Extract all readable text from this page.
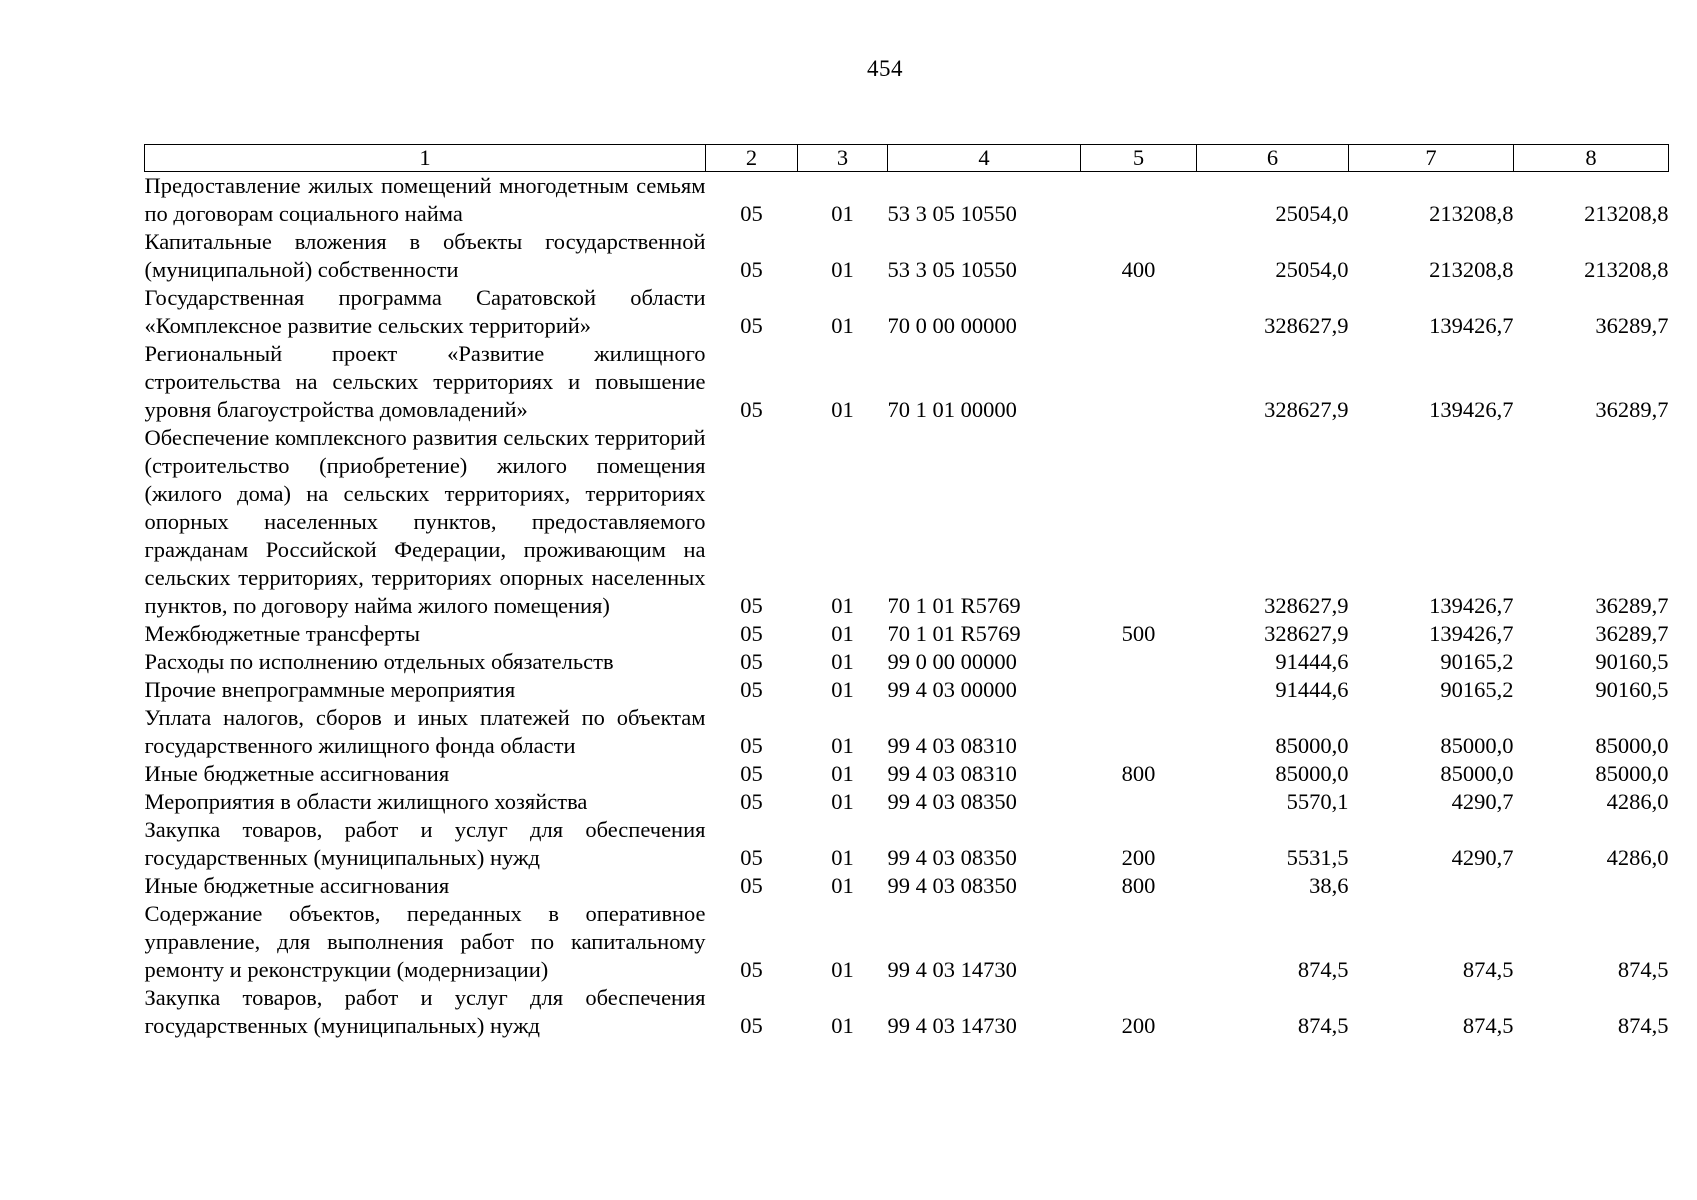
454
1	2	3	4	5	6	7	8
Предоставление жилых помещений многодетным семьям по договорам социального найма	05	01	53 3 05 10550		25054,0	213208,8	213208,8
Капитальные вложения в объекты государственной (муниципальной) собственности	05	01	53 3 05 10550	400	25054,0	213208,8	213208,8
Государственная программа Саратовской области «Комплексное развитие сельских территорий»	05	01	70 0 00 00000		328627,9	139426,7	36289,7
Региональный проект «Развитие жилищного строительства на сельских территориях и повышение уровня благоустройства домовладений»	05	01	70 1 01 00000		328627,9	139426,7	36289,7
Обеспечение комплексного развития сельских территорий (строительство (приобретение) жилого помещения (жилого дома) на сельских территориях, территориях опорных населенных пунктов, предоставляемого гражданам Российской Федерации, проживающим на сельских территориях, территориях опорных населенных пунктов, по договору найма жилого помещения)	05	01	70 1 01 R5769		328627,9	139426,7	36289,7
Межбюджетные трансферты	05	01	70 1 01 R5769	500	328627,9	139426,7	36289,7
Расходы по исполнению отдельных обязательств	05	01	99 0 00 00000		91444,6	90165,2	90160,5
Прочие внепрограммные мероприятия	05	01	99 4 03 00000		91444,6	90165,2	90160,5
Уплата налогов, сборов и иных платежей по объектам государственного жилищного фонда области	05	01	99 4 03 08310		85000,0	85000,0	85000,0
Иные бюджетные ассигнования	05	01	99 4 03 08310	800	85000,0	85000,0	85000,0
Мероприятия в области жилищного хозяйства	05	01	99 4 03 08350		5570,1	4290,7	4286,0
Закупка товаров, работ и услуг для обеспечения государственных (муниципальных) нужд	05	01	99 4 03 08350	200	5531,5	4290,7	4286,0
Иные бюджетные ассигнования	05	01	99 4 03 08350	800	38,6		
Содержание объектов, переданных в оперативное управление, для выполнения работ по капитальному ремонту и реконструкции (модернизации)	05	01	99 4 03 14730		874,5	874,5	874,5
Закупка товаров, работ и услуг для обеспечения государственных (муниципальных) нужд	05	01	99 4 03 14730	200	874,5	874,5	874,5
